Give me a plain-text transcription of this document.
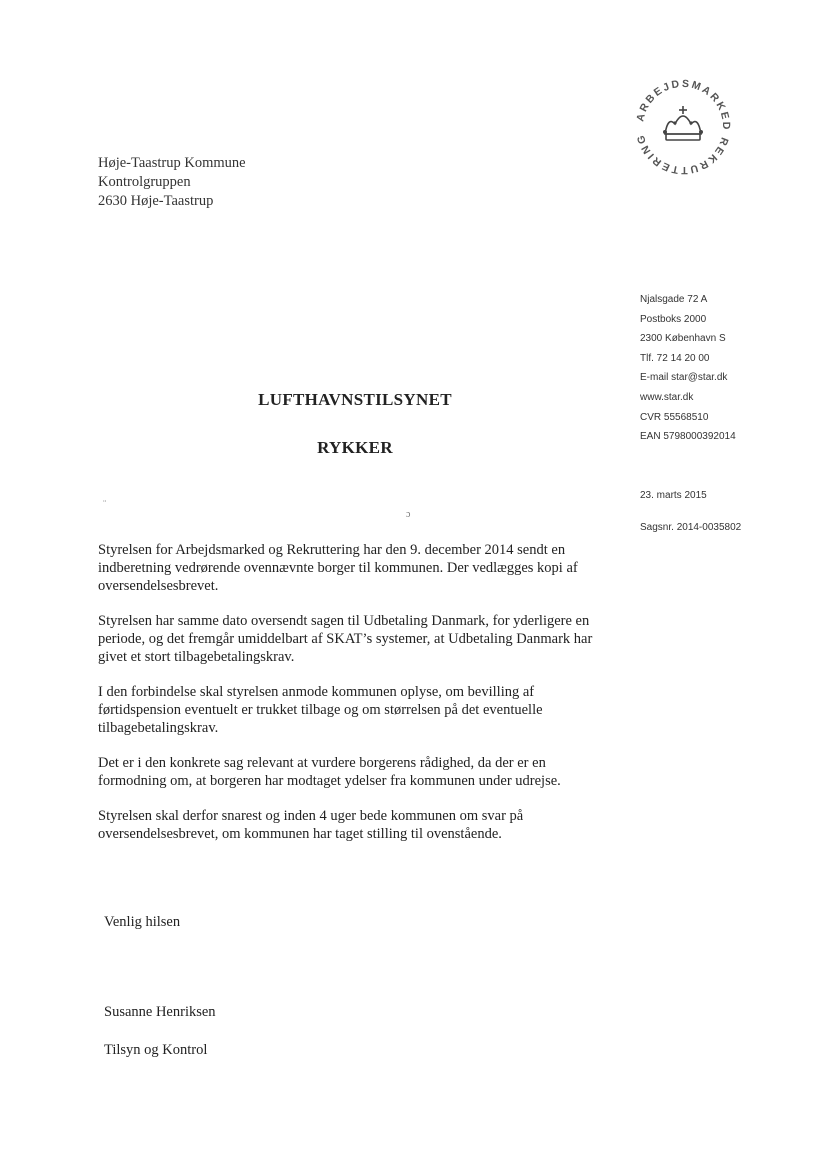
ARBEJDSMARKED REKRUTTERING
Høje-Taastrup Kommune
Kontrolgruppen
2630 Høje-Taastrup
Njalsgade 72 A
Postboks 2000
2300 København S
Tlf. 72 14 20 00
E-mail star@star.dk
www.star.dk
CVR 55568510
EAN 5798000392014
23. marts 2015
Sagsnr. 2014-0035802
LUFTHAVNSTILSYNET
RYKKER
¨
ɔ

Styrelsen for Arbejdsmarked og Rekruttering har den 9. december 2014 sendt en indberetning vedrørende ovennævnte borger til kommunen. Der vedlægges kopi af oversendelsesbrevet.

Styrelsen har samme dato oversendt sagen til Udbetaling Danmark, for yderligere en periode, og det fremgår umiddelbart af SKAT’s systemer, at Udbetaling Danmark har givet et stort tilbagebetalingskrav.

I den forbindelse skal styrelsen anmode kommunen oplyse, om bevilling af førtidspension eventuelt er trukket tilbage og om størrelsen på det eventuelle tilbagebetalingskrav.

Det er i den konkrete sag relevant at vurdere borgerens rådighed, da der er en formodning om, at borgeren har modtaget ydelser fra kommunen under udrejse.

Styrelsen skal derfor snarest og inden 4 uger bede kommunen om svar på oversendelsesbrevet, om kommunen har taget stilling til ovenstående.

Venlig hilsen
Susanne Henriksen
Tilsyn og Kontrol
